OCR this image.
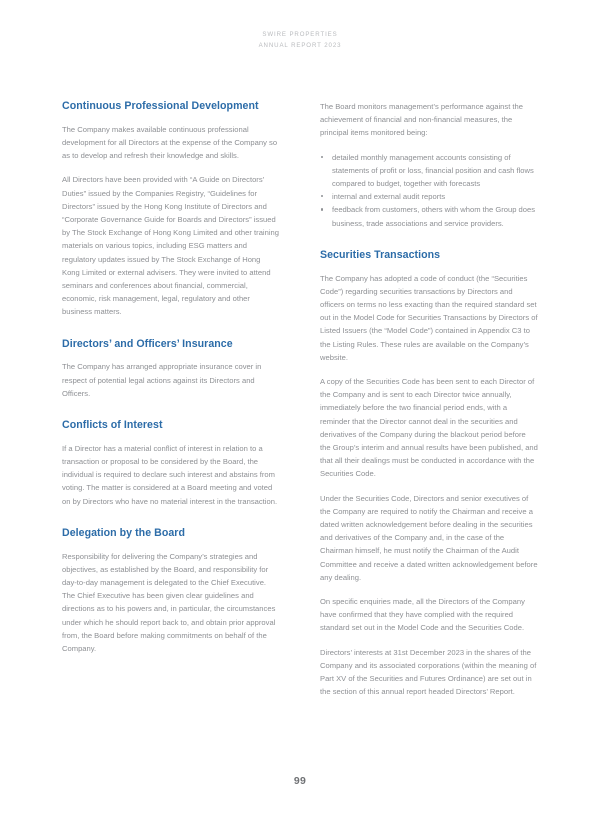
SWIRE PROPERTIES
ANNUAL REPORT 2023
Continuous Professional Development

The Company makes available continuous professional development for all Directors at the expense of the Company so as to develop and refresh their knowledge and skills.

All Directors have been provided with “A Guide on Directors’ Duties” issued by the Companies Registry, “Guidelines for Directors” issued by the Hong Kong Institute of Directors and “Corporate Governance Guide for Boards and Directors” issued by The Stock Exchange of Hong Kong Limited and other training materials on various topics, including ESG matters and regulatory updates issued by The Stock Exchange of Hong Kong Limited or external advisers. They were invited to attend seminars and conferences about financial, commercial, economic, risk management, legal, regulatory and other business matters.

Directors’ and Officers’ Insurance

The Company has arranged appropriate insurance cover in respect of potential legal actions against its Directors and Officers.

Conflicts of Interest

If a Director has a material conflict of interest in relation to a transaction or proposal to be considered by the Board, the individual is required to declare such interest and abstains from voting. The matter is considered at a Board meeting and voted on by Directors who have no material interest in the transaction.

Delegation by the Board

Responsibility for delivering the Company’s strategies and objectives, as established by the Board, and responsibility for day-to-day management is delegated to the Chief Executive. The Chief Executive has been given clear guidelines and directions as to his powers and, in particular, the circumstances under which he should report back to, and obtain prior approval from, the Board before making commitments on behalf of the Company.

The Board monitors management’s performance against the achievement of financial and non-financial measures, the principal items monitored being:

detailed monthly management accounts consisting of statements of profit or loss, financial position and cash flows compared to budget, together with forecasts
internal and external audit reports
feedback from customers, others with whom the Group does business, trade associations and service providers.
Securities Transactions

The Company has adopted a code of conduct (the “Securities Code”) regarding securities transactions by Directors and officers on terms no less exacting than the required standard set out in the Model Code for Securities Transactions by Directors of Listed Issuers (the “Model Code”) contained in Appendix C3 to the Listing Rules. These rules are available on the Company’s website.

A copy of the Securities Code has been sent to each Director of the Company and is sent to each Director twice annually, immediately before the two financial period ends, with a reminder that the Director cannot deal in the securities and derivatives of the Company during the blackout period before the Group’s interim and annual results have been published, and that all their dealings must be conducted in accordance with the Securities Code.

Under the Securities Code, Directors and senior executives of the Company are required to notify the Chairman and receive a dated written acknowledgement before dealing in the securities and derivatives of the Company and, in the case of the Chairman himself, he must notify the Chairman of the Audit Committee and receive a dated written acknowledgement before any dealing.

On specific enquiries made, all the Directors of the Company have confirmed that they have complied with the required standard set out in the Model Code and the Securities Code.

Directors’ interests at 31st December 2023 in the shares of the Company and its associated corporations (within the meaning of Part XV of the Securities and Futures Ordinance) are set out in the section of this annual report headed Directors’ Report.

99
